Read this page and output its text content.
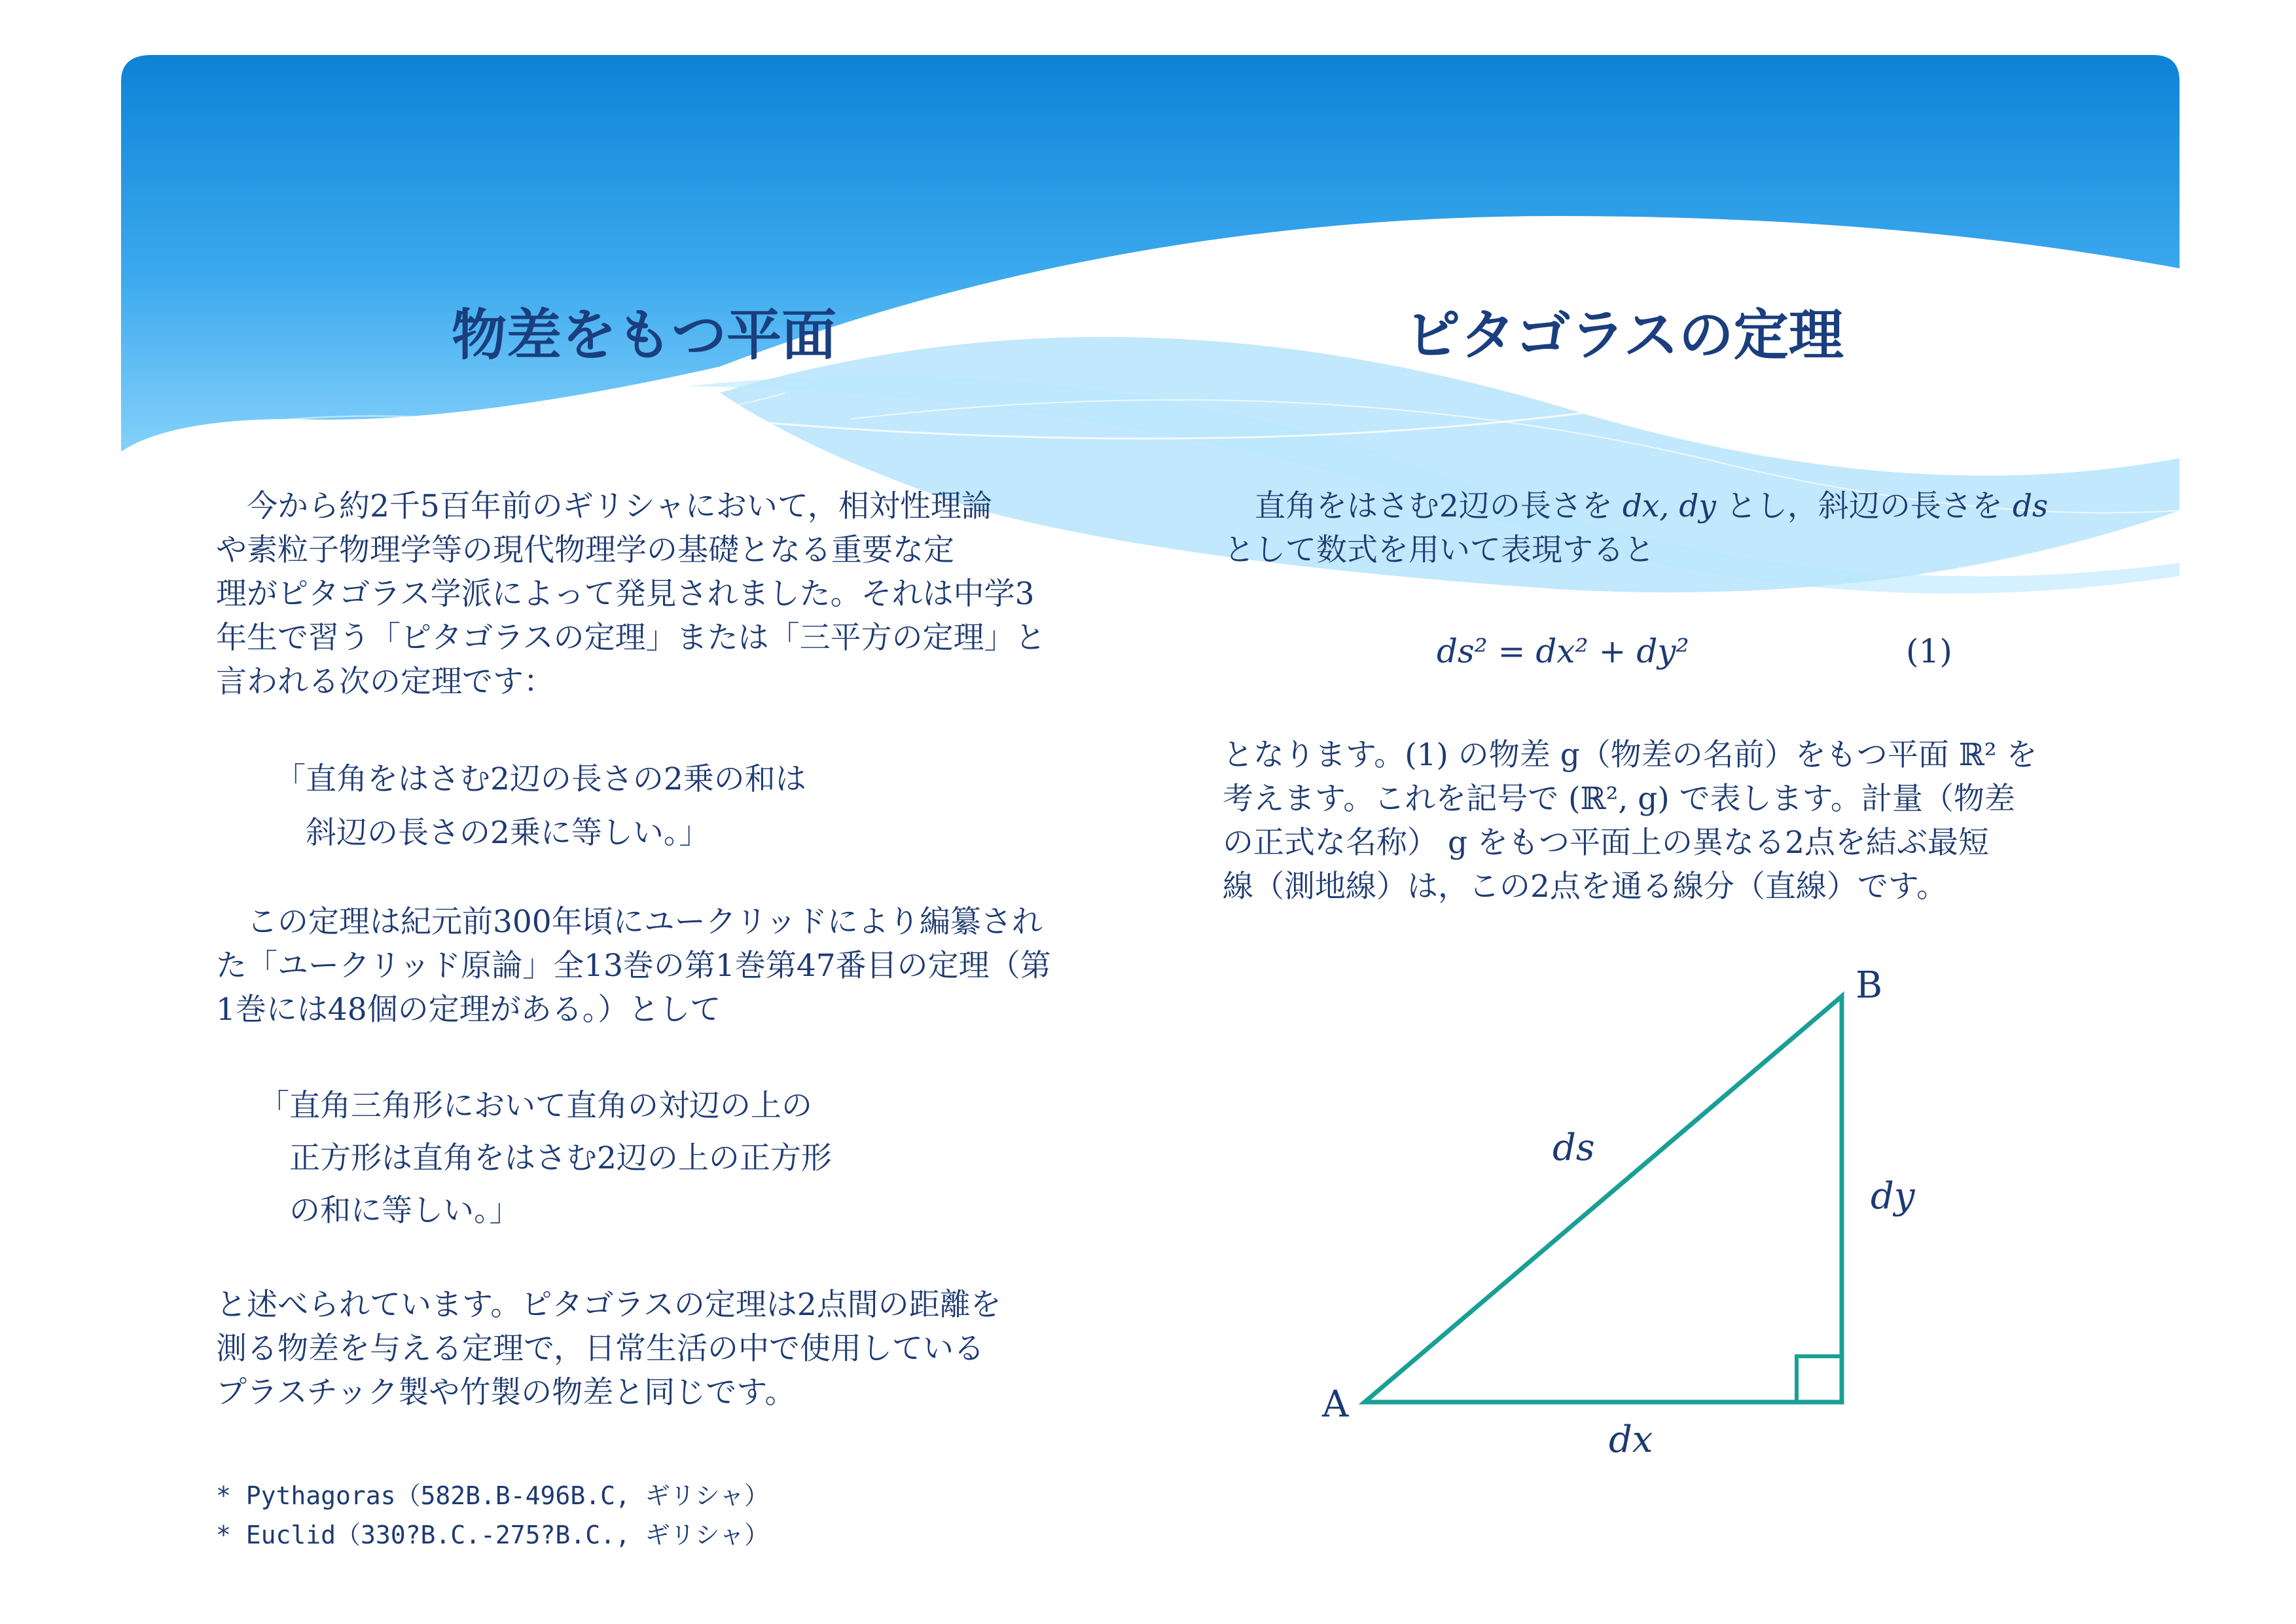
物差をもつ平面	ピタゴラスの定理
　今から約2千5百年前のギリシャにおいて，相対性理論
や素粒子物理学等の現代物理学の基礎となる重要な定
理がピタゴラス学派によって発見されました。それは中学3
年生で習う「ピタゴラスの定理」または「三平方の定理」と
言われる次の定理です：
「直角をはさむ2辺の長さの2乗の和は
　斜辺の長さの2乗に等しい。」
　この定理は紀元前300年頃にユークリッドにより編纂され
た「ユークリッド原論」全13巻の第1巻第47番目の定理（第
1巻には48個の定理がある。）として
「直角三角形において直角の対辺の上の
　正方形は直角をはさむ2辺の上の正方形
　の和に等しい。」
と述べられています。ピタゴラスの定理は2点間の距離を
測る物差を与える定理で，日常生活の中で使用している
プラスチック製や竹製の物差と同じです。
* Pythagoras（582B.B-496B.C, ギリシャ）
* Euclid（330?B.C.-275?B.C., ギリシャ）
　直角をはさむ2辺の長さを dx, dy とし，斜辺の長さを ds
として数式を用いて表現すると
ds² = dx² + dy²	(1)
となります。(1) の物差 g（物差の名前）をもつ平面 ℝ² を
考えます。これを記号で (ℝ², g) で表します。計量（物差
の正式な名称） g をもつ平面上の異なる2点を結ぶ最短
線（測地線）は，この2点を通る線分（直線）です。
A
B
ds
dy
dx
